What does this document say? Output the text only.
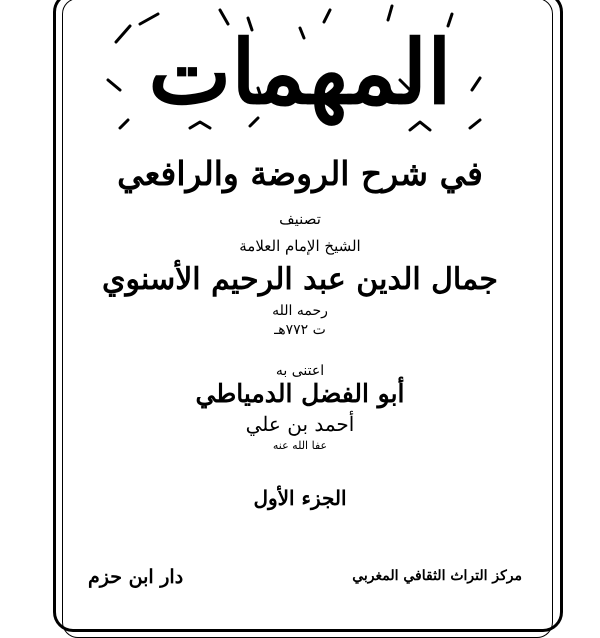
المهمات
في شرح الروضة والرافعي
تصنيف
الشيخ الإمام العلامة
جمال الدين عبد الرحيم الأسنوي
رحمه الله
ت ٧٧٢هـ
اعتنى به
أبو الفضل الدمياطي
أحمد بن علي
عفا الله عنه
الجزء الأول
دار ابن حزم	مركز التراث الثقافي المغربي
